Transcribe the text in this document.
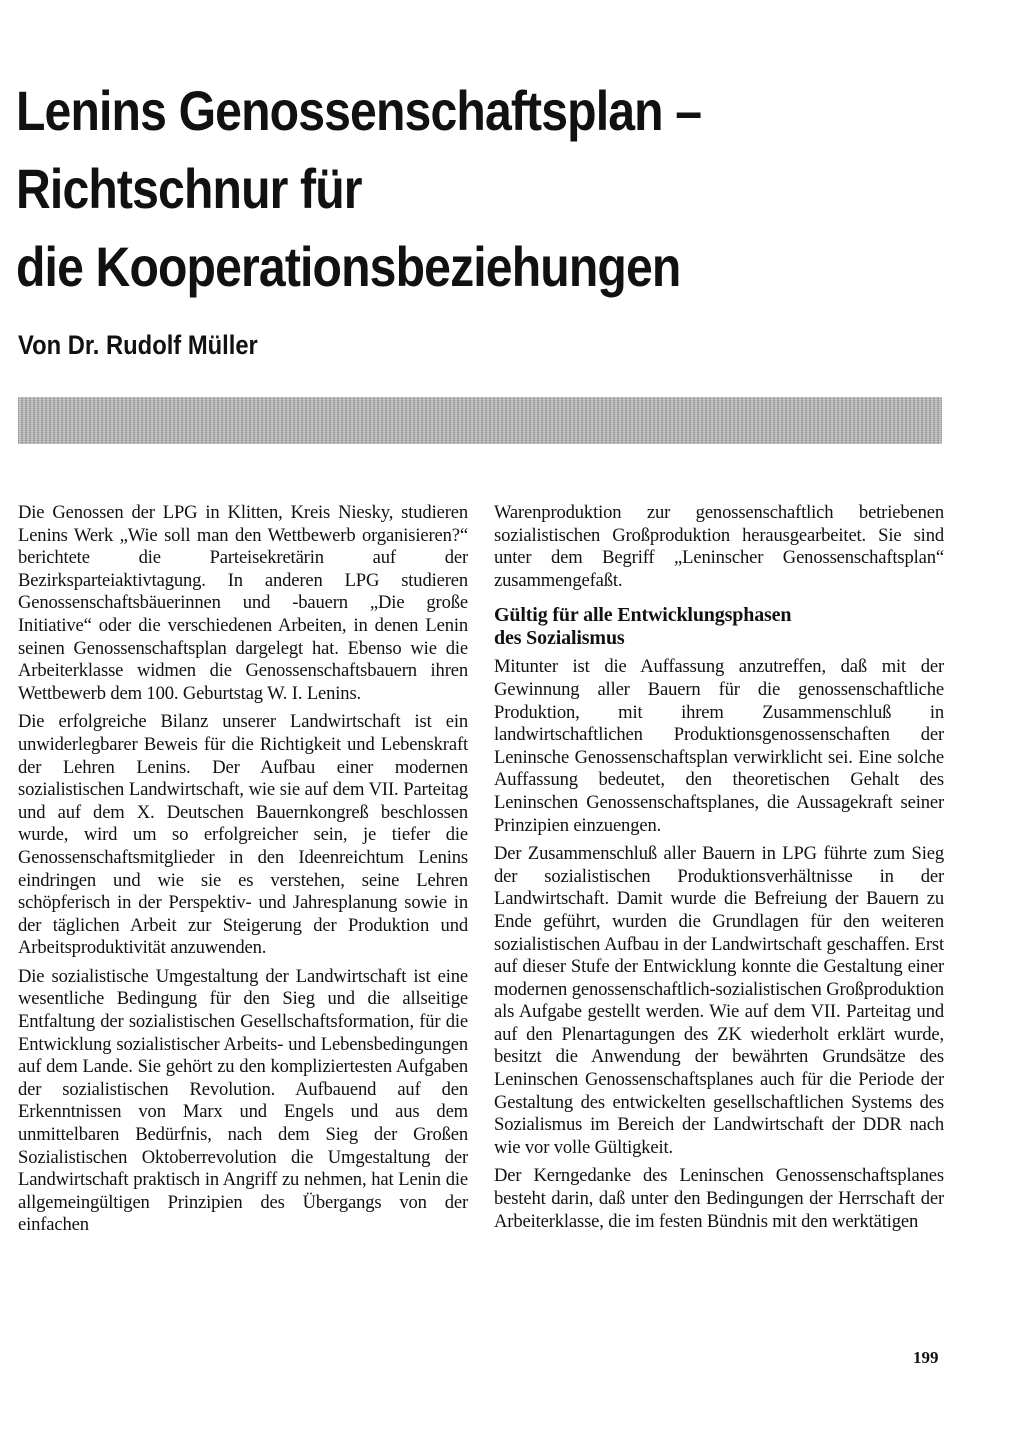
Lenins Genossenschaftsplan –
Richtschnur für
die Kooperationsbeziehungen
Von Dr. Rudolf Müller

Die Genossen der LPG in Klitten, Kreis Niesky, studieren Lenins Werk „Wie soll man den Wettbewerb organisieren?“ berichtete die Parteisekretärin auf der Bezirksparteiaktivtagung. In anderen LPG studieren Genossenschaftsbäuerinnen und -bauern „Die große Initiative“ oder die verschiedenen Arbeiten, in denen Lenin seinen Genossenschaftsplan dargelegt hat. Ebenso wie die Arbeiterklasse widmen die Genossenschaftsbauern ihren Wettbewerb dem 100. Geburtstag W. I. Lenins.

Die erfolgreiche Bilanz unserer Landwirtschaft ist ein unwiderlegbarer Beweis für die Richtigkeit und Lebenskraft der Lehren Lenins. Der Aufbau einer modernen sozialistischen Landwirtschaft, wie sie auf dem VII. Parteitag und auf dem X. Deutschen Bauernkongreß beschlossen wurde, wird um so erfolgreicher sein, je tiefer die Genossenschaftsmitglieder in den Ideenreichtum Lenins eindringen und wie sie es verstehen, seine Lehren schöpferisch in der Perspektiv- und Jahresplanung sowie in der täglichen Arbeit zur Steigerung der Produktion und Arbeitsproduktivität anzuwenden.

Die sozialistische Umgestaltung der Landwirtschaft ist eine wesentliche Bedingung für den Sieg und die allseitige Entfaltung der sozialistischen Gesellschaftsformation, für die Entwicklung sozialistischer Arbeits- und Lebensbedingungen auf dem Lande. Sie gehört zu den kompliziertesten Aufgaben der sozialistischen Revolution. Aufbauend auf den Erkenntnissen von Marx und Engels und aus dem unmittelbaren Bedürfnis, nach dem Sieg der Großen Sozialistischen Oktoberrevolution die Umgestaltung der Landwirtschaft praktisch in Angriff zu nehmen, hat Lenin die allgemeingültigen Prinzipien des Übergangs von der einfachen

Warenproduktion zur genossenschaftlich betriebenen sozialistischen Großproduktion herausgearbeitet. Sie sind unter dem Begriff „Leninscher Genossenschaftsplan“ zusammengefaßt.

Gültig für alle Entwicklungsphasen
des Sozialismus

Mitunter ist die Auffassung anzutreffen, daß mit der Gewinnung aller Bauern für die genossenschaftliche Produktion, mit ihrem Zusammenschluß in landwirtschaftlichen Produktionsgenossenschaften der Leninsche Genossenschaftsplan verwirklicht sei. Eine solche Auffassung bedeutet, den theoretischen Gehalt des Leninschen Genossenschaftsplanes, die Aussagekraft seiner Prinzipien einzuengen.

Der Zusammenschluß aller Bauern in LPG führte zum Sieg der sozialistischen Produktionsverhältnisse in der Landwirtschaft. Damit wurde die Befreiung der Bauern zu Ende geführt, wurden die Grundlagen für den weiteren sozialistischen Aufbau in der Landwirtschaft geschaffen. Erst auf dieser Stufe der Entwicklung konnte die Gestaltung einer modernen genossenschaftlich-sozialistischen Großproduktion als Aufgabe gestellt werden. Wie auf dem VII. Parteitag und auf den Plenartagungen des ZK wiederholt erklärt wurde, besitzt die Anwendung der bewährten Grundsätze des Leninschen Genossenschaftsplanes auch für die Periode der Gestaltung des entwickelten gesellschaftlichen Systems des Sozialismus im Bereich der Landwirtschaft der DDR nach wie vor volle Gültigkeit.

Der Kerngedanke des Leninschen Genossenschaftsplanes besteht darin, daß unter den Bedingungen der Herrschaft der Arbeiterklasse, die im festen Bündnis mit den werktätigen

199
